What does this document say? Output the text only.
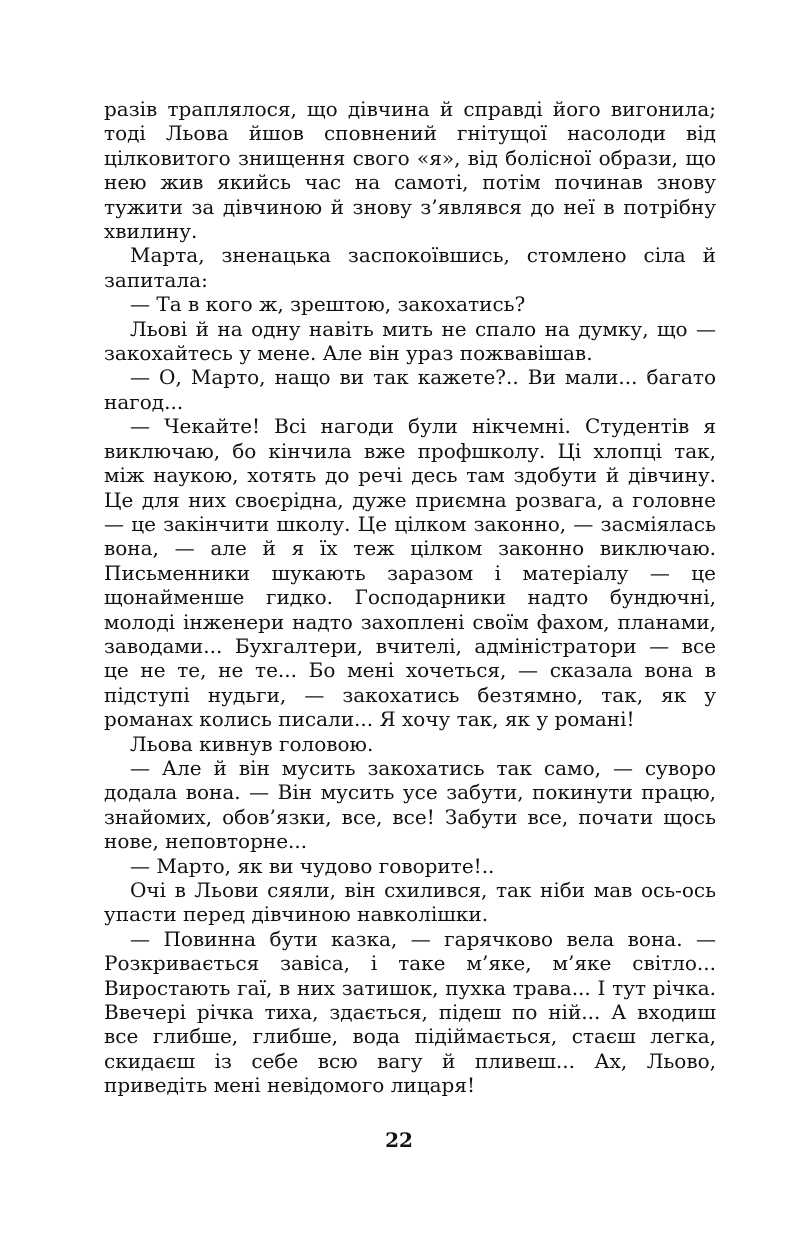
разів траплялося, що дівчина й справді його вигонила; тоді Льова йшов сповнений гнітущої насолоди від цілковитого знищення свого «я», від болісної образи, що нею жив якийсь час на самоті, потім починав знову тужити за дівчиною й знову з’являвся до неї в потрібну хвилину.

Марта, зненацька заспокоївшись, стомлено сіла й запитала:

— Та в кого ж, зрештою, закохатись?

Льові й на одну навіть мить не спало на думку, що — закохайтесь у мене. Але він ураз пожвавішав.

— О, Марто, нащо ви так кажете?.. Ви мали... багато нагод...

— Чекайте! Всі нагоди були нікчемні. Студентів я виключаю, бо кінчила вже профшколу. Ці хлопці так, між наукою, хотять до речі десь там здобути й дівчину. Це для них своєрідна, дуже приємна розвага, а головне — це закінчити школу. Це цілком законно, — засміялась вона, — але й я їх теж цілком законно виключаю. Письменники шукають заразом і матеріалу — це щонайменше гидко. Господарники надто бундючні, молоді інженери надто захоплені своїм фахом, планами, заводами... Бухгалтери, вчителі, адміністратори — все це не те, не те... Бо мені хочеться, — сказала вона в підступі нудьги, — закохатись безтямно, так, як у романах колись писали... Я хочу так, як у романі!

Льова кивнув головою.

— Але й він мусить закохатись так само, — суворо додала вона. — Він мусить усе забути, покинути працю, знайомих, обов’язки, все, все! Забути все, почати щось нове, неповторне...

— Марто, як ви чудово говорите!..

Очі в Льови сяяли, він схилився, так ніби мав ось-ось упасти перед дівчиною навколішки.

— Повинна бути казка, — гарячково вела вона. — Розкривається завіса, і таке м’яке, м’яке світло... Виростають гаї, в них затишок, пухка трава... І тут річка. Ввечері річка тиха, здається, підеш по ній... А входиш все глибше, глибше, вода підіймається, стаєш легка, скидаєш із себе всю вагу й пливеш... Ах, Льово, приведіть мені невідомого лицаря!

22
